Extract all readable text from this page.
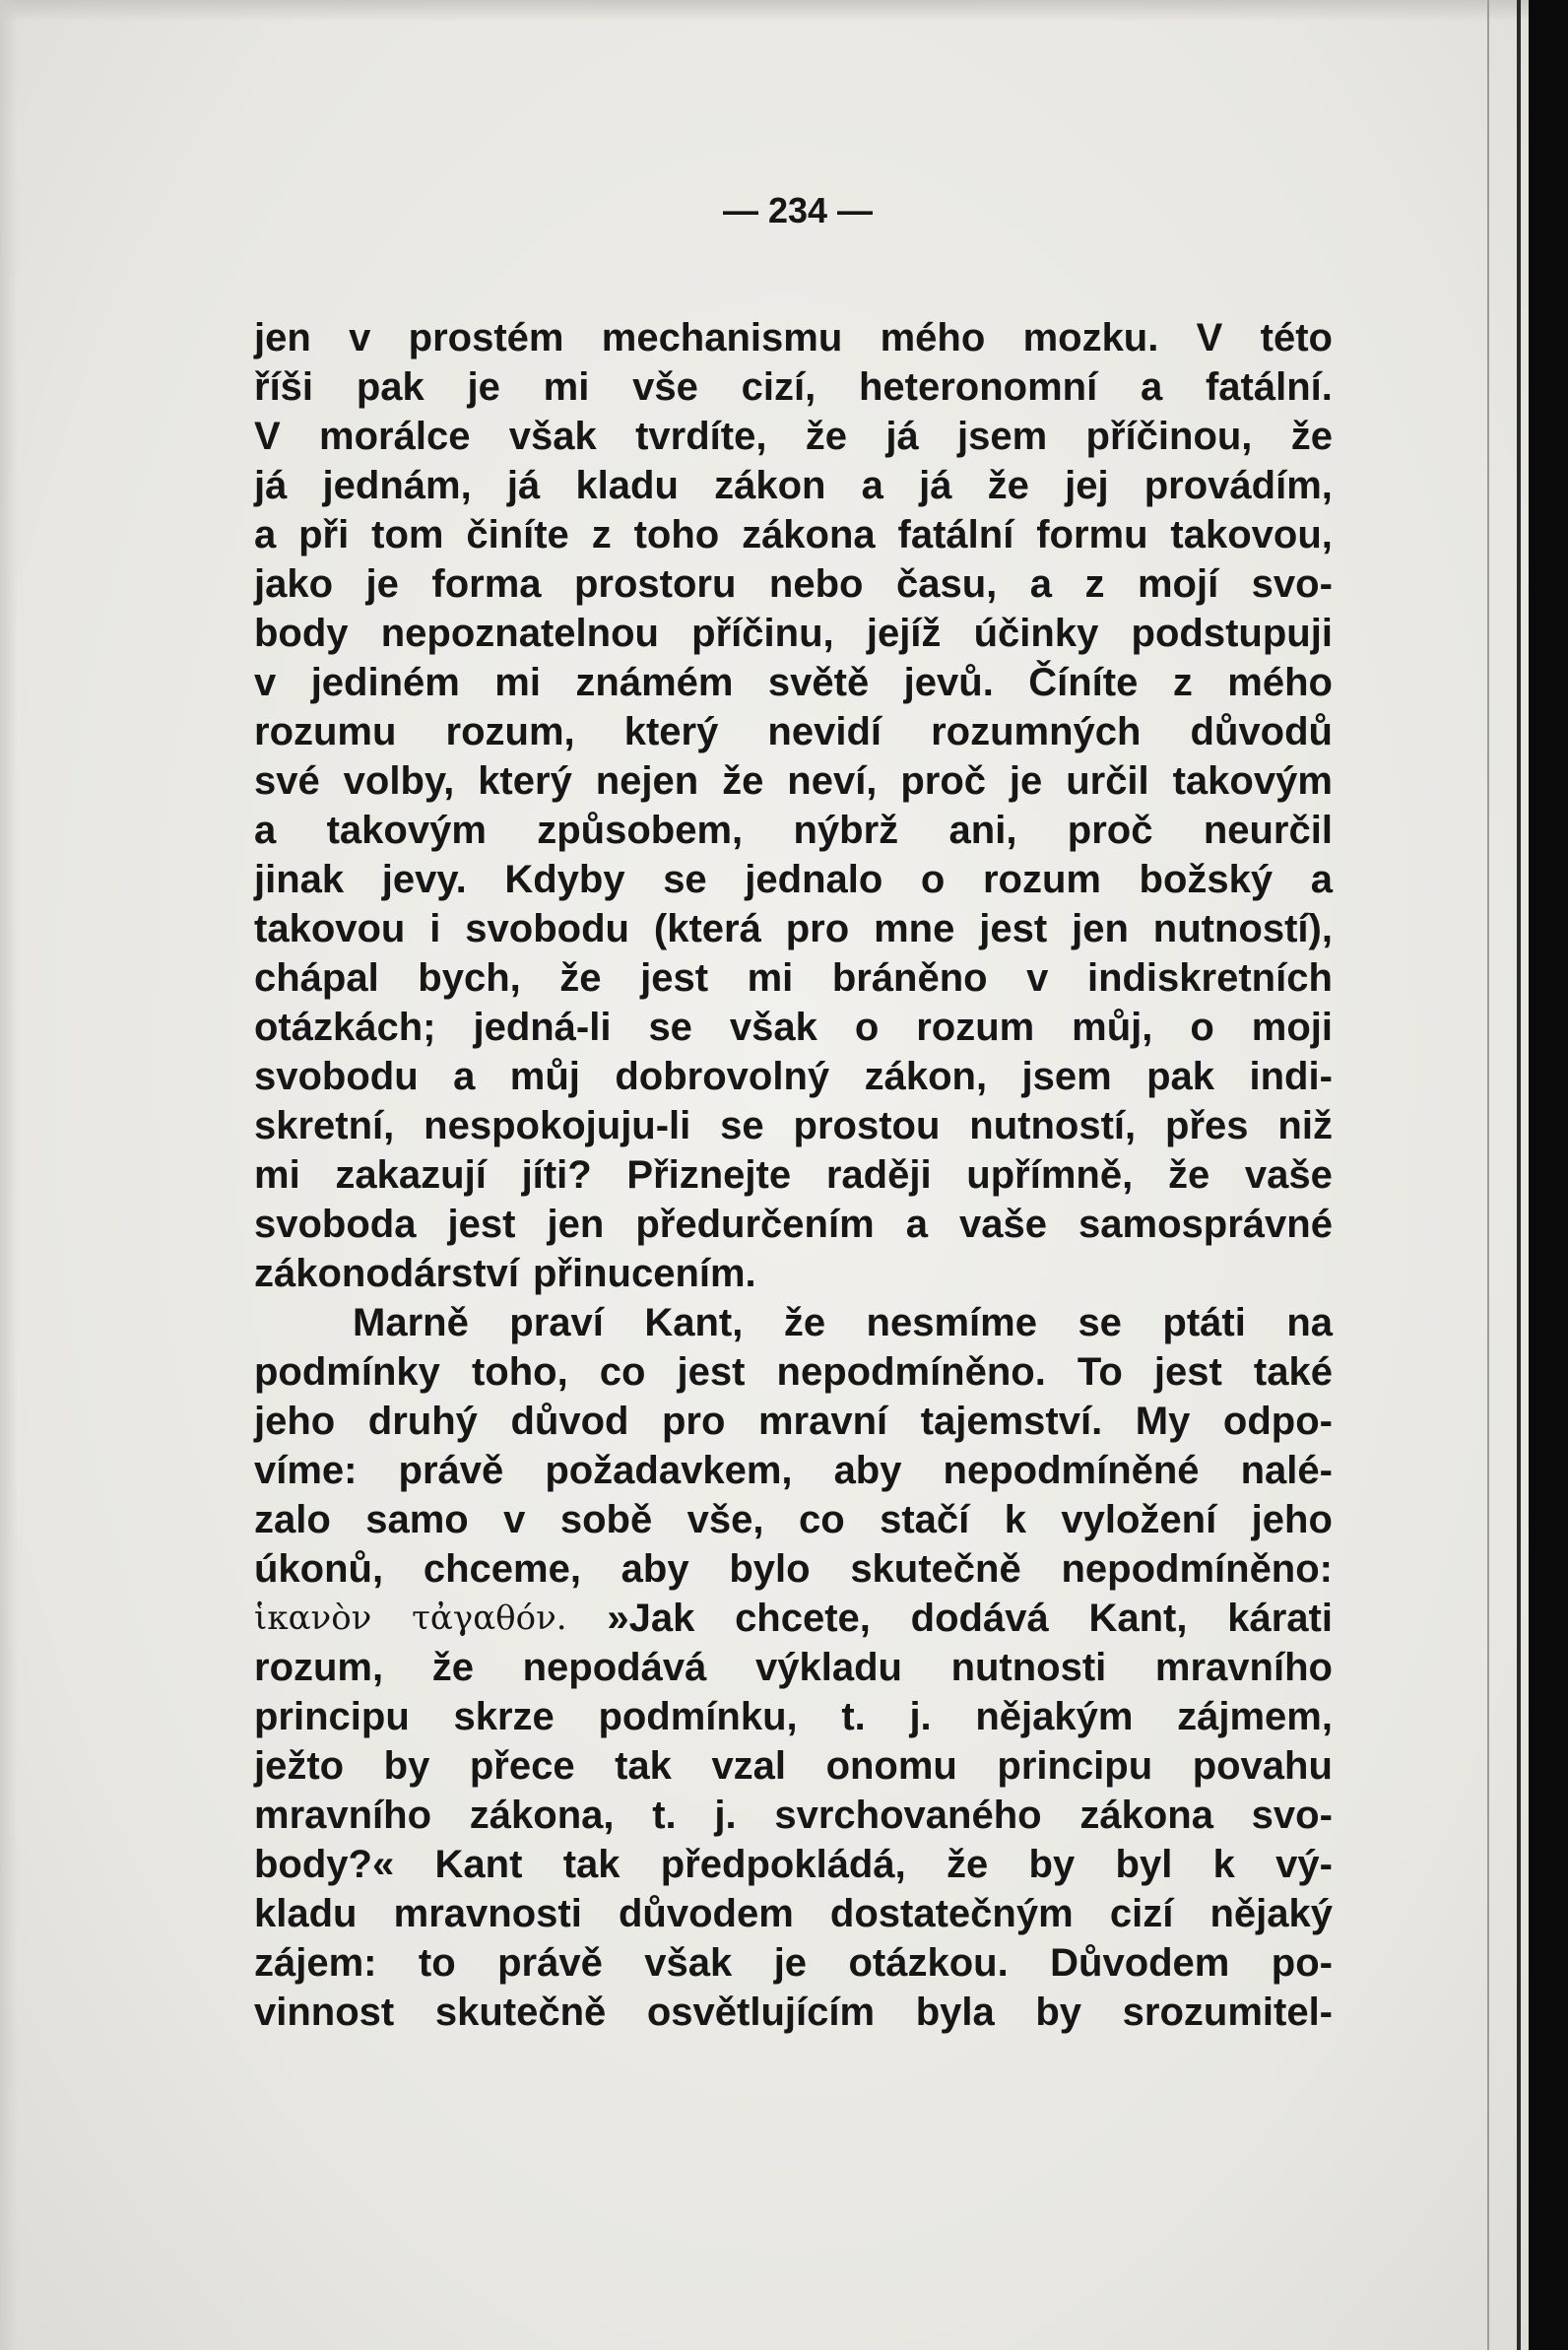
— 234 —
jen v prostém mechanismu mého mozku. V této
říši pak je mi vše cizí, heteronomní a fatální.
V morálce však tvrdíte, že já jsem příčinou, že
já jednám, já kladu zákon a já že jej provádím,
a při tom činíte z toho zákona fatální formu takovou,
jako je forma prostoru nebo času, a z mojí svo-
body nepoznatelnou příčinu, jejíž účinky podstupuji
v jediném mi známém světě jevů. Číníte z mého
rozumu rozum, který nevidí rozumných důvodů
své volby, který nejen že neví, proč je určil takovým
a takovým způsobem, nýbrž ani, proč neurčil
jinak jevy. Kdyby se jednalo o rozum božský a
takovou i svobodu (která pro mne jest jen nutností),
chápal bych, že jest mi bráněno v indiskretních
otázkách; jedná-li se však o rozum můj, o moji
svobodu a můj dobrovolný zákon, jsem pak indi-
skretní, nespokojuju-li se prostou nutností, přes niž
mi zakazují jíti? Přiznejte raději upřímně, že vaše
svoboda jest jen předurčením a vaše samosprávné
zákonodárství přinucením.
Marně praví Kant, že nesmíme se ptáti na
podmínky toho, co jest nepodmíněno. To jest také
jeho druhý důvod pro mravní tajemství. My odpo-
víme: právě požadavkem, aby nepodmíněné nalé-
zalo samo v sobě vše, co stačí k vyložení jeho
úkonů, chceme, aby bylo skutečně nepodmíněno:
ἱκανὸν τἀγαθόν. »Jak chcete, dodává Kant, kárati
rozum, že nepodává výkladu nutnosti mravního
principu skrze podmínku, t. j. nějakým zájmem,
ježto by přece tak vzal onomu principu povahu
mravního zákona, t. j. svrchovaného zákona svo-
body?« Kant tak předpokládá, že by byl k vý-
kladu mravnosti důvodem dostatečným cizí nějaký
zájem: to právě však je otázkou. Důvodem po-
vinnost skutečně osvětlujícím byla by srozumitel-
